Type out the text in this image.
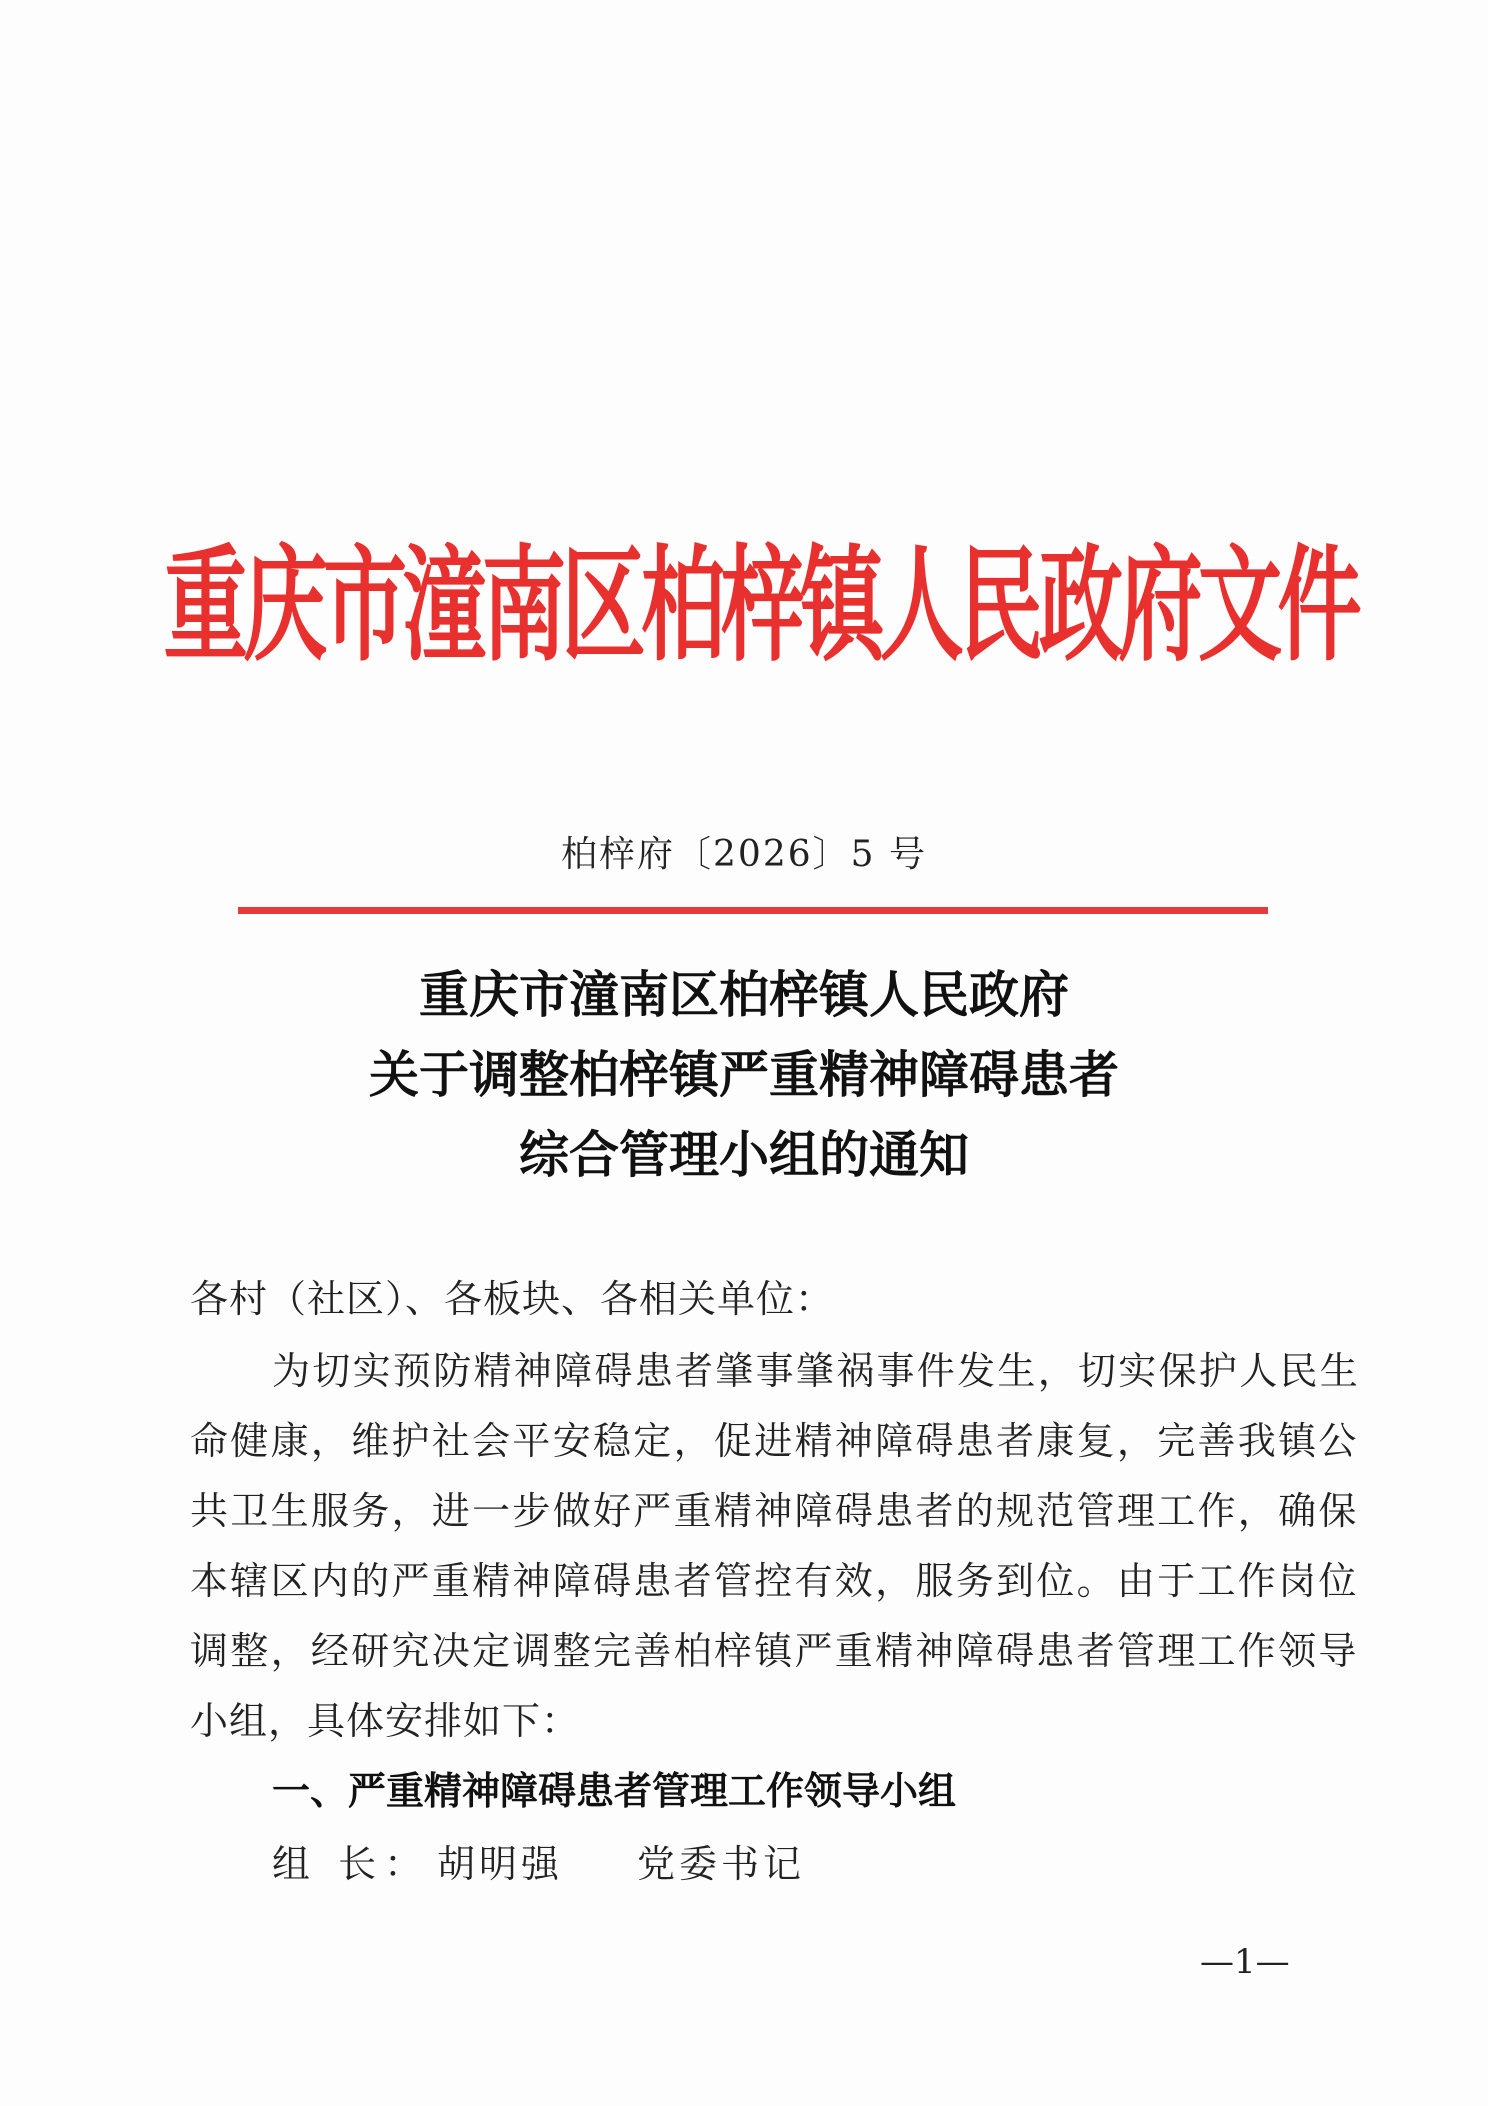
重庆市潼南区柏梓镇人民政府文件
柏梓府〔2026〕5 号
重庆市潼南区柏梓镇人民政府
关于调整柏梓镇严重精神障碍患者
综合管理小组的通知
各村（社区）、各板块、各相关单位：
为切实预防精神障碍患者肇事肇祸事件发生，切实保护人民生
命健康，维护社会平安稳定，促进精神障碍患者康复，完善我镇公
共卫生服务，进一步做好严重精神障碍患者的规范管理工作，确保
本辖区内的严重精神障碍患者管控有效，服务到位。由于工作岗位
调整，经研究决定调整完善柏梓镇严重精神障碍患者管理工作领导
小组，具体安排如下：
一、严重精神障碍患者管理工作领导小组
组 长： 胡明强 党委书记
—1—
